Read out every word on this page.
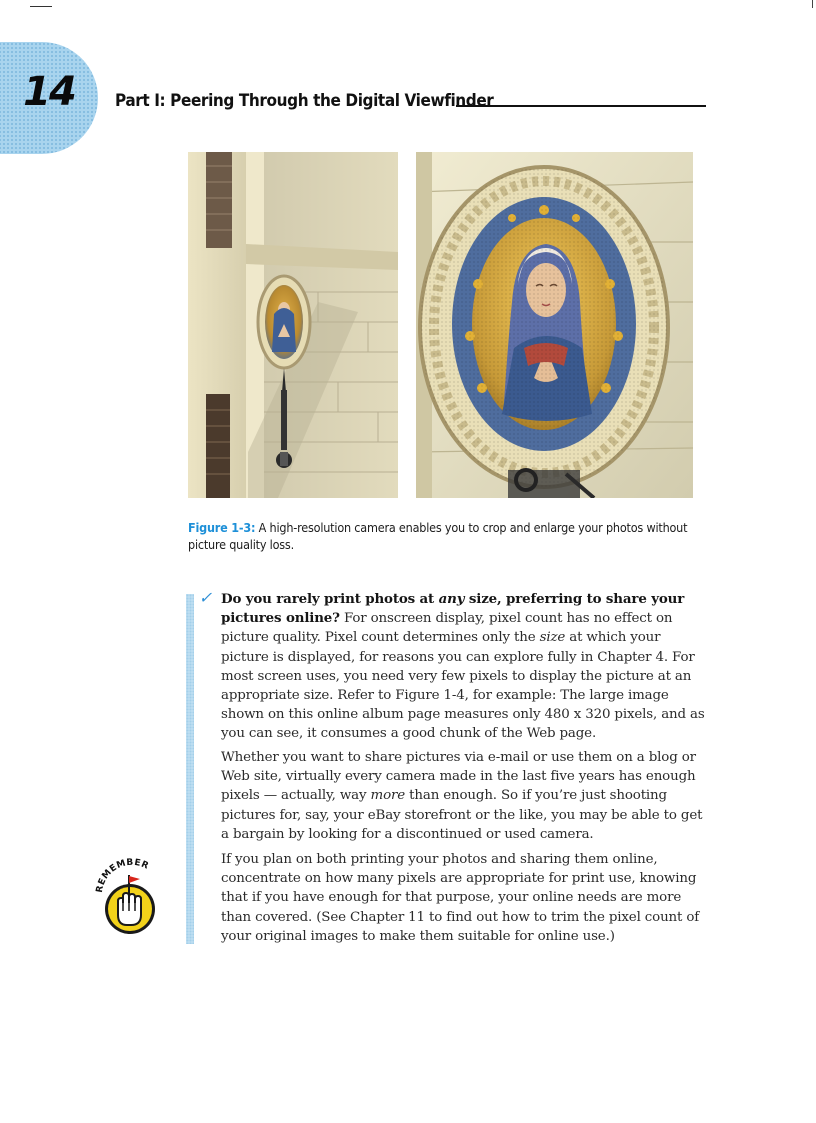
14 Part I: Peering Through the Digital Viewfinder
Figure 1-3: A high-resolution camera enables you to crop and enlarge your photos without picture quality loss.
✓ Do you rarely print photos at any size, preferring to share your pictures online? For onscreen display, pixel count has no effect on picture quality. Pixel count determines only the size at which your picture is displayed, for reasons you can explore fully in Chapter 4. For most screen uses, you need very few pixels to display the picture at an appropriate size. Refer to Figure 1-4, for example: The large image shown on this online album page measures only 480 x 320 pixels, and as you can see, it consumes a good chunk of the Web page.
Whether you want to share pictures via e-mail or use them on a blog or Web site, virtually every camera made in the last five years has enough pixels — actually, way more than enough. So if you’re just shooting pictures for, say, your eBay storefront or the like, you may be able to get a bargain by looking for a discontinued or used camera.
If you plan on both printing your photos and sharing them online, concentrate on how many pixels are appropriate for print use, knowing that if you have enough for that purpose, your online needs are more than covered. (See Chapter 11 to find out how to trim the pixel count of your original images to make them suitable for online use.)
REMEMBER
